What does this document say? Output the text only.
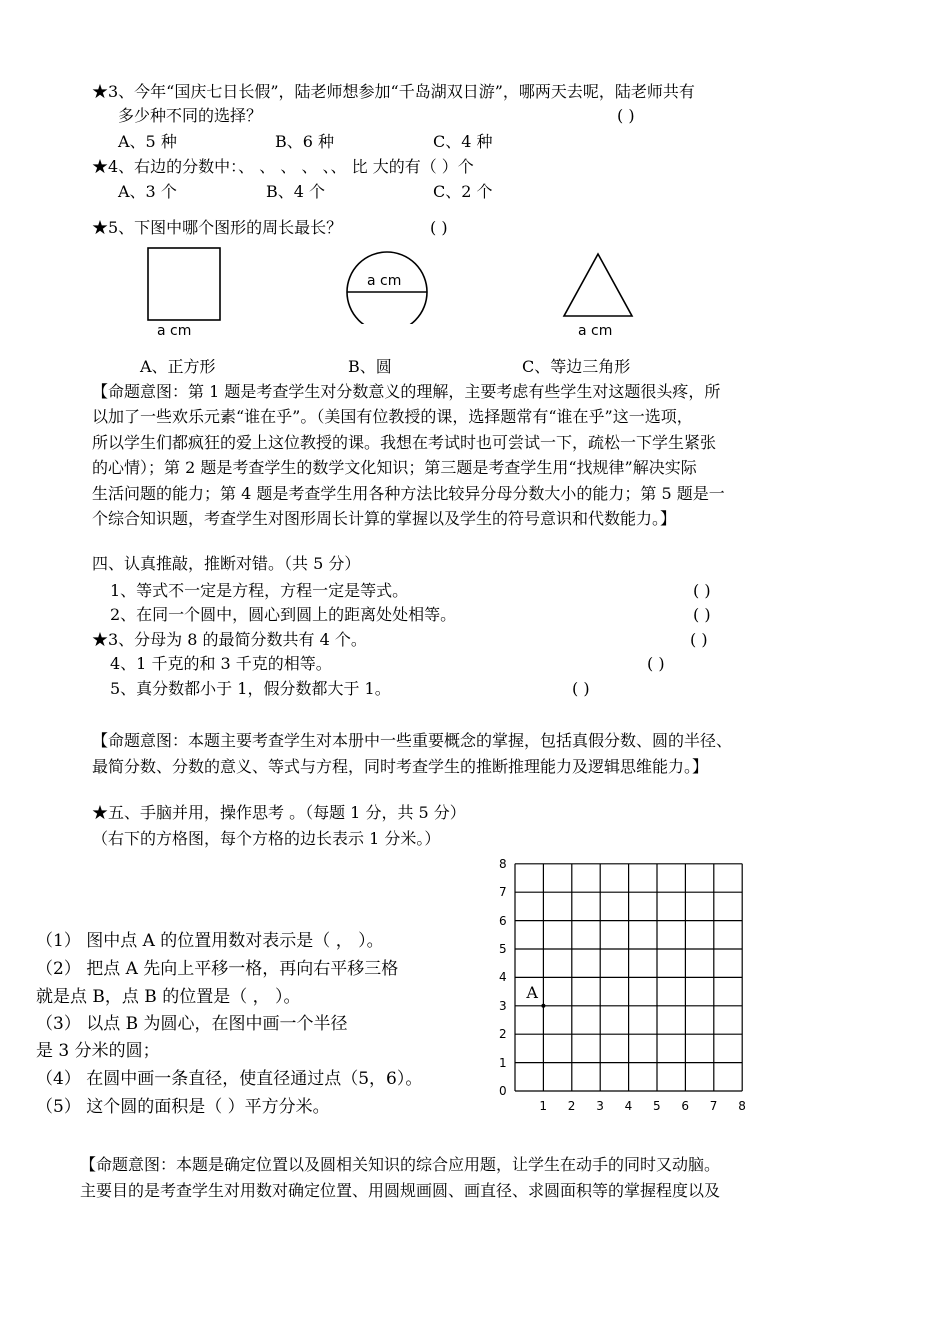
★3、今年“国庆七日长假”，陆老师想参加“千岛湖双日游”，哪两天去呢，陆老师共有
多少种不同的选择？	( )
A、5 种	B、6 种	C、4 种
★4、右边的分数中：、 、 、 、 、、 比 大的有（ ）个
A、3 个	B、4 个	C、2 个
★5、下图中哪个图形的周长最长？	( )
a cm
a cm
a cm
A、正方形	B、圆	C、等边三角形
【命题意图：第 1 题是考查学生对分数意义的理解，主要考虑有些学生对这题很头疼，所
以加了一些欢乐元素“谁在乎”。（美国有位教授的课，选择题常有“谁在乎”这一选项，
所以学生们都疯狂的爱上这位教授的课。我想在考试时也可尝试一下，疏松一下学生紧张
的心情）；第 2 题是考查学生的数学文化知识；第三题是考查学生用“找规律”解决实际
生活问题的能力；第 4 题是考查学生用各种方法比较异分母分数大小的能力；第 5 题是一
个综合知识题，考查学生对图形周长计算的掌握以及学生的符号意识和代数能力。】
四、认真推敲，推断对错。（共 5 分）
1、等式不一定是方程，方程一定是等式。	( )
2、在同一个圆中，圆心到圆上的距离处处相等。	( )
★3、分母为 8 的最简分数共有 4 个。	( )
4、1 千克的和 3 千克的相等。	( )
5、真分数都小于 1，假分数都大于 1。	( )
【命题意图：本题主要考查学生对本册中一些重要概念的掌握，包括真假分数、圆的半径、
最简分数、分数的意义、等式与方程，同时考查学生的推断推理能力及逻辑思维能力。】
★五、手脑并用，操作思考 。（每题 1 分，共 5 分）
（右下的方格图，每个方格的边长表示 1 分米。）
（1） 图中点 A 的位置用数对表示是（ ， ）。
（2） 把点 A 先向上平移一格，再向右平移三格
就是点 B，点 B 的位置是（ ， ）。
（3） 以点 B 为圆心，在图中画一个半径
是 3 分米的圆；
（4） 在圆中画一条直径，使直径通过点（5，6）。
（5） 这个圆的面积是（ ）平方分米。
A
0
1
2
3
4
5
6
7
8
1 2 3 4 5 6 7 8
【命题意图：本题是确定位置以及圆相关知识的综合应用题，让学生在动手的同时又动脑。
主要目的是考查学生对用数对确定位置、用圆规画圆、画直径、求圆面积等的掌握程度以及
